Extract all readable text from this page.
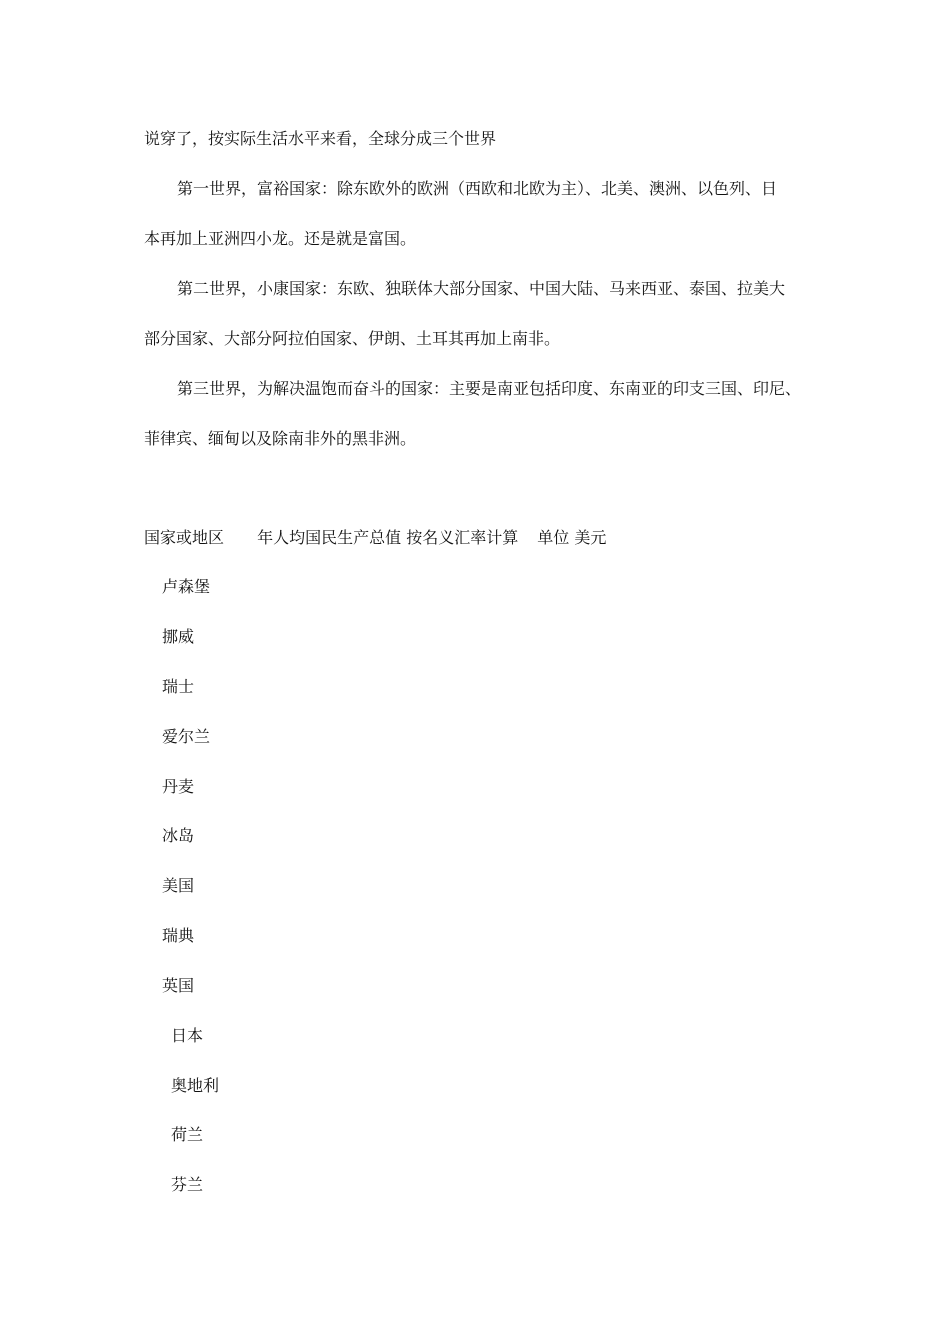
说穿了，按实际生活水平来看，全球分成三个世界
第一世界，富裕国家：除东欧外的欧洲（西欧和北欧为主）、北美、澳洲、以色列、日
本再加上亚洲四小龙。还是就是富国。
第二世界，小康国家：东欧、独联体大部分国家、中国大陆、马来西亚、泰国、拉美大
部分国家、大部分阿拉伯国家、伊朗、土耳其再加上南非。
第三世界，为解决温饱而奋斗的国家：主要是南亚包括印度、东南亚的印支三国、印尼、
菲律宾、缅甸以及除南非外的黑非洲。
国家或地区 年人均国民生产总值 按名义汇率计算 单位 美元
卢森堡
挪威
瑞士
爱尔兰
丹麦
冰岛
美国
瑞典
英国
日本
奥地利
荷兰
芬兰
